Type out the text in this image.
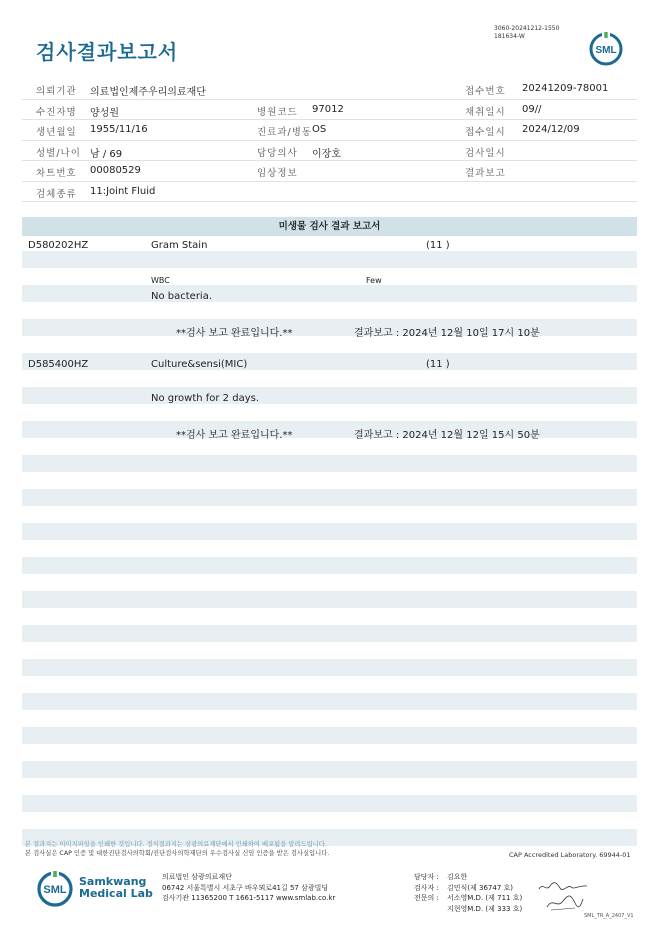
검사결과보고서
3060-20241212-1550
181634-W
SML
의뢰기관 의료법인제주우리의료재단	접수번호 20241209-78001
수진자명 양성원	병원코드 97012	채취일시 09//
생년월일 1955/11/16	진료과/병동 OS	접수일시 2024/12/09
성별/나이 남 / 69	담당의사 이장호	검사일시
차트번호 00080529	임상정보	결과보고
검체종류 11:Joint Fluid
미생물 검사 결과 보고서
D580202HZ	Gram Stain	(11 )
WBC	Few
No bacteria.
**검사 보고 완료입니다.**	결과보고 : 2024년 12월 10일 17시 10분
D585400HZ	Culture&sensi(MIC)	(11 )
No growth for 2 days.
**검사 보고 완료입니다.**	결과보고 : 2024년 12월 12일 15시 50분
본 결과지는 이미지파일을 인쇄한 것입니다. 정식결과지는 삼광의료재단에서 인쇄하여 배포됨을 알려드립니다.
본 검사실은 CAP 인증 및 대한진단검사의학회/진단검사의학재단의 우수검사실 신임 인증을 받은 검사실입니다.	CAP Accredited Laboratory. 69944-01
SML
Samkwang
Medical Lab
의료법인 삼광의료재단
06742 서울특별시 서초구 바우뫼로41길 57 삼광빌딩
검사기관 11365200 T 1661-5117 www.smlab.co.kr
담당자 : 김요한
검사자 : 김민식(제 36747 호)
전문의 : 서소영M.D. (제 711 호)
지현영M.D. (제 333 호)
SML_TR_A_2407_V1
